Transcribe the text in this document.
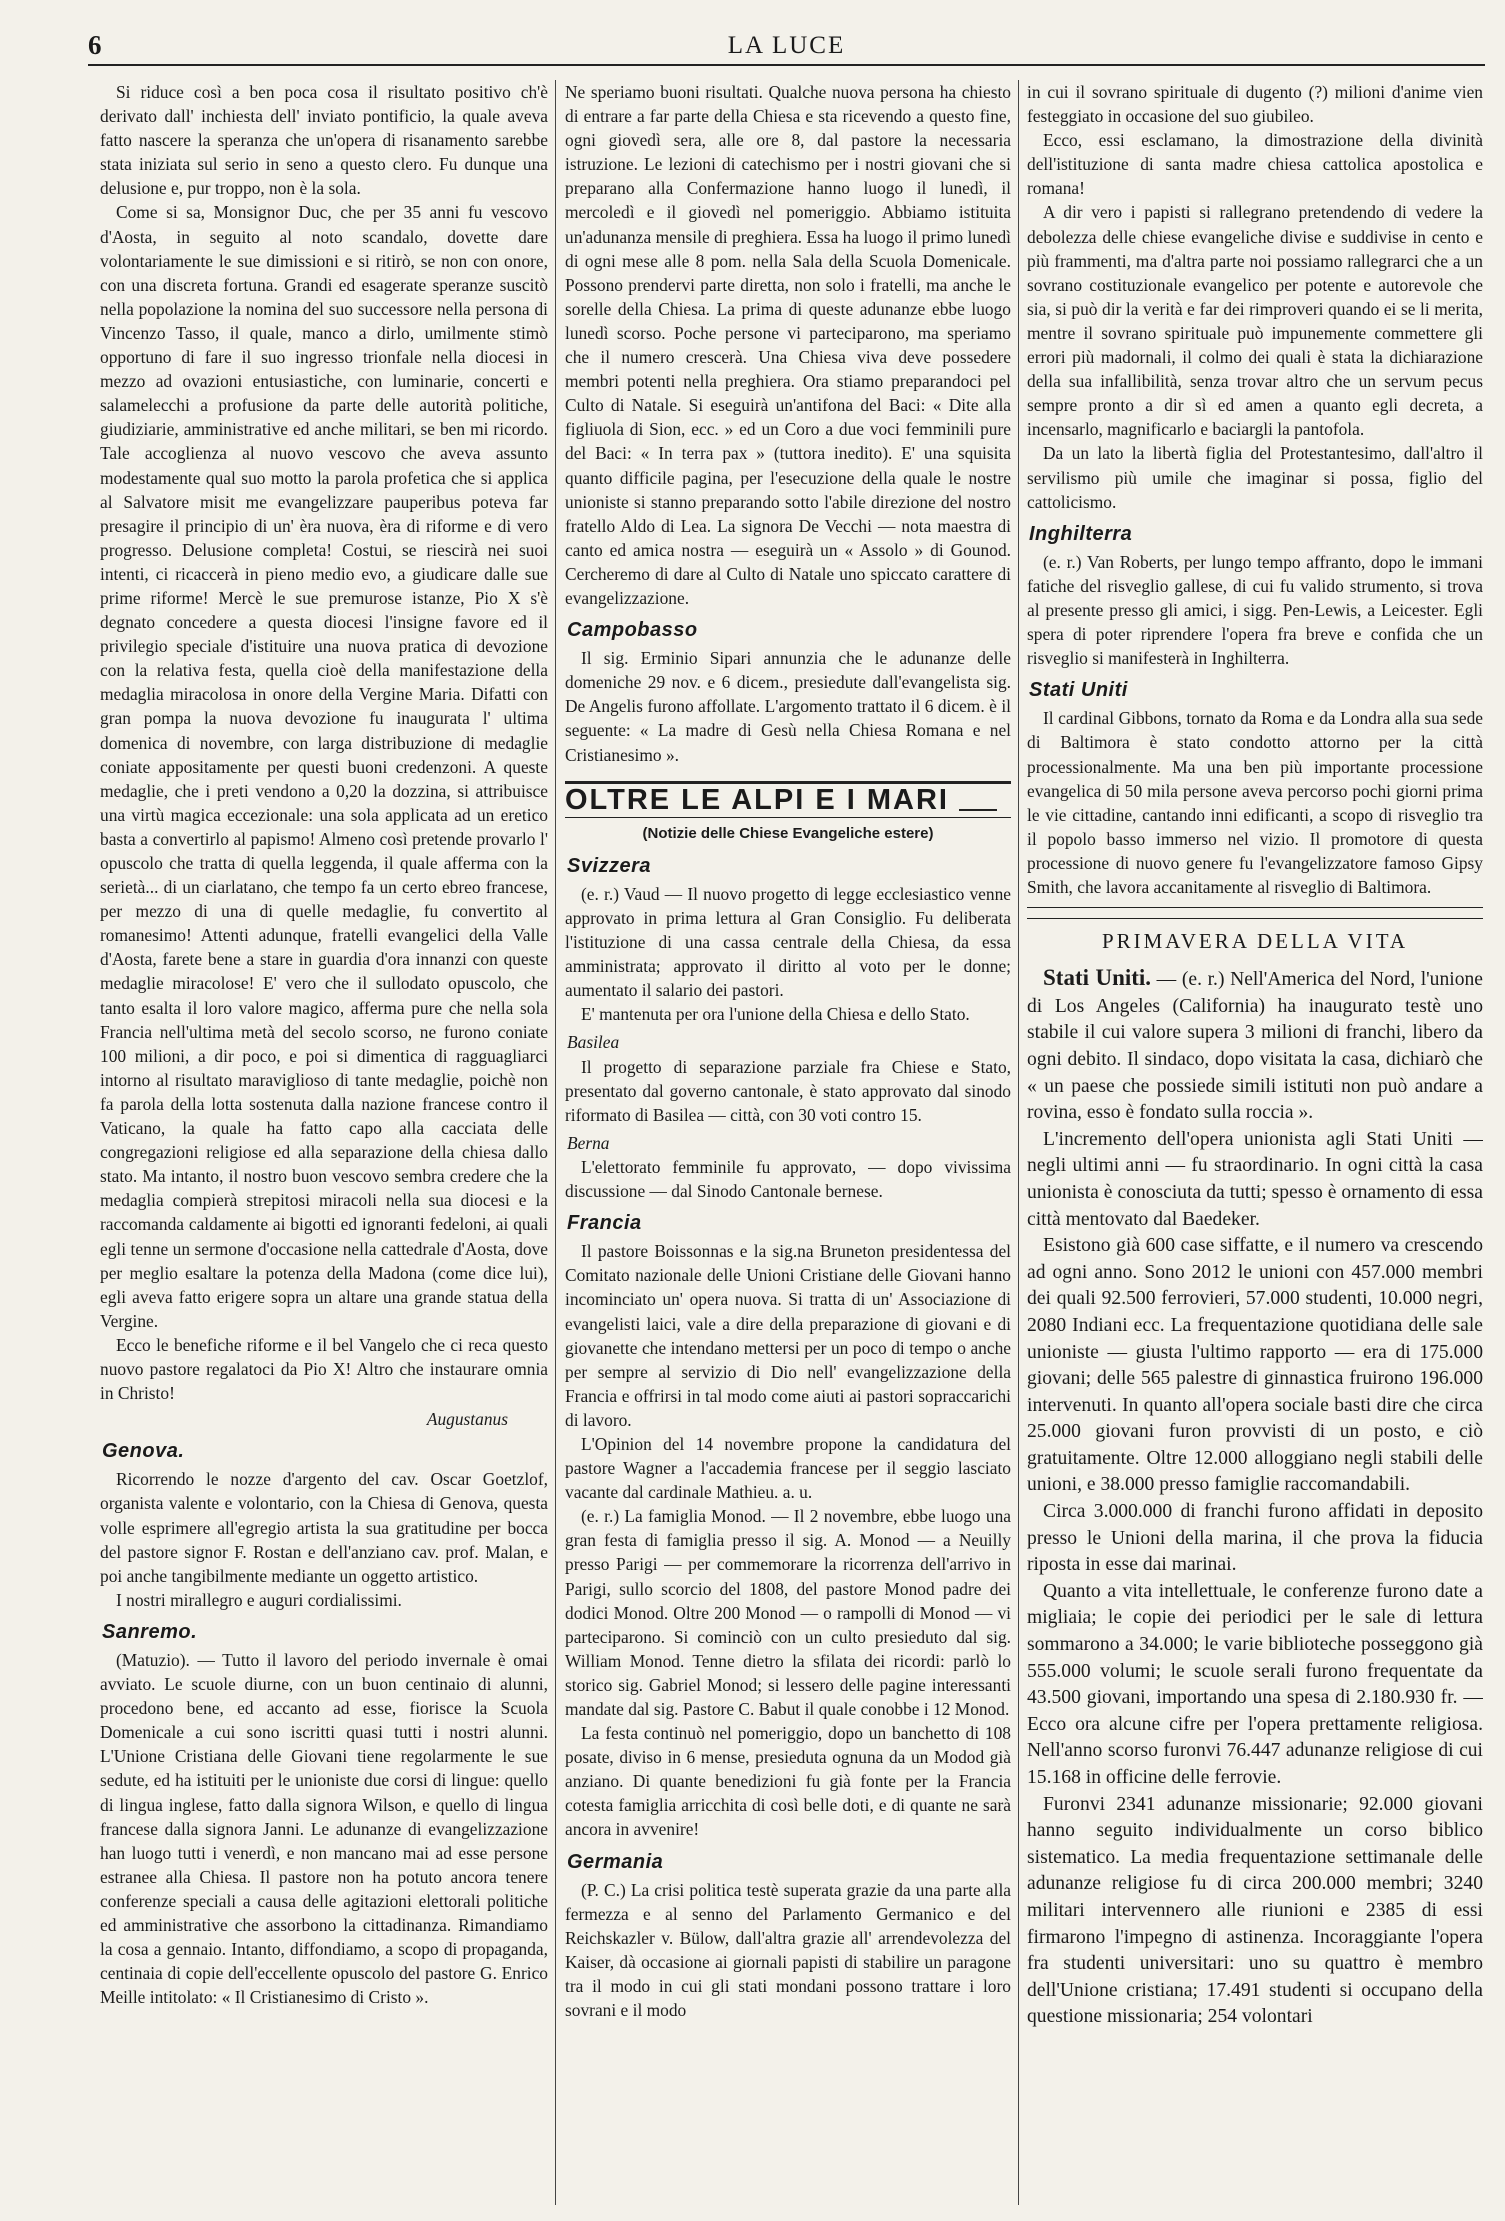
6	LA LUCE

Si riduce così a ben poca cosa il risultato positivo ch'è derivato dall' inchiesta dell' inviato pontificio, la quale aveva fatto nascere la speranza che un'opera di risanamento sarebbe stata iniziata sul serio in seno a questo clero. Fu dunque una delusione e, pur troppo, non è la sola.

Come si sa, Monsignor Duc, che per 35 anni fu vescovo d'Aosta, in seguito al noto scandalo, dovette dare volontariamente le sue dimissioni e si ritirò, se non con onore, con una discreta fortuna. Grandi ed esagerate speranze suscitò nella popolazione la nomina del suo successore nella persona di Vincenzo Tasso, il quale, manco a dirlo, umilmente stimò opportuno di fare il suo ingresso trionfale nella diocesi in mezzo ad ovazioni entusiastiche, con luminarie, concerti e salamelecchi a profusione da parte delle autorità politiche, giudiziarie, amministrative ed anche militari, se ben mi ricordo. Tale accoglienza al nuovo vescovo che aveva assunto modestamente qual suo motto la parola profetica che si applica al Salvatore misit me evangelizzare pauperibus poteva far presagire il principio di un' èra nuova, èra di riforme e di vero progresso. Delusione completa! Costui, se riescirà nei suoi intenti, ci ricaccerà in pieno medio evo, a giudicare dalle sue prime riforme! Mercè le sue premurose istanze, Pio X s'è degnato concedere a questa diocesi l'insigne favore ed il privilegio speciale d'istituire una nuova pratica di devozione con la relativa festa, quella cioè della manifestazione della medaglia miracolosa in onore della Vergine Maria. Difatti con gran pompa la nuova devozione fu inaugurata l' ultima domenica di novembre, con larga distribuzione di medaglie coniate appositamente per questi buoni credenzoni. A queste medaglie, che i preti vendono a 0,20 la dozzina, si attribuisce una virtù magica eccezionale: una sola applicata ad un eretico basta a convertirlo al papismo! Almeno così pretende provarlo l' opuscolo che tratta di quella leggenda, il quale afferma con la serietà... di un ciarlatano, che tempo fa un certo ebreo francese, per mezzo di una di quelle medaglie, fu convertito al romanesimo! Attenti adunque, fratelli evangelici della Valle d'Aosta, farete bene a stare in guardia d'ora innanzi con queste medaglie miracolose! E' vero che il sullodato opuscolo, che tanto esalta il loro valore magico, afferma pure che nella sola Francia nell'ultima metà del secolo scorso, ne furono coniate 100 milioni, a dir poco, e poi si dimentica di ragguagliarci intorno al risultato maraviglioso di tante medaglie, poichè non fa parola della lotta sostenuta dalla nazione francese contro il Vaticano, la quale ha fatto capo alla cacciata delle congregazioni religiose ed alla separazione della chiesa dallo stato. Ma intanto, il nostro buon vescovo sembra credere che la medaglia compierà strepitosi miracoli nella sua diocesi e la raccomanda caldamente ai bigotti ed ignoranti fedeloni, ai quali egli tenne un sermone d'occasione nella cattedrale d'Aosta, dove per meglio esaltare la potenza della Madona (come dice lui), egli aveva fatto erigere sopra un altare una grande statua della Vergine.

Ecco le benefiche riforme e il bel Vangelo che ci reca questo nuovo pastore regalatoci da Pio X! Altro che instaurare omnia in Christo!

Augustanus
Genova.

Ricorrendo le nozze d'argento del cav. Oscar Goetzlof, organista valente e volontario, con la Chiesa di Genova, questa volle esprimere all'egregio artista la sua gratitudine per bocca del pastore signor F. Rostan e dell'anziano cav. prof. Malan, e poi anche tangibilmente mediante un oggetto artistico.

I nostri mirallegro e auguri cordialissimi.

Sanremo.

(Matuzio). — Tutto il lavoro del periodo invernale è omai avviato. Le scuole diurne, con un buon centinaio di alunni, procedono bene, ed accanto ad esse, fiorisce la Scuola Domenicale a cui sono iscritti quasi tutti i nostri alunni. L'Unione Cristiana delle Giovani tiene regolarmente le sue sedute, ed ha istituiti per le unioniste due corsi di lingue: quello di lingua inglese, fatto dalla signora Wilson, e quello di lingua francese dalla signora Janni. Le adunanze di evangelizzazione han luogo tutti i venerdì, e non mancano mai ad esse persone estranee alla Chiesa. Il pastore non ha potuto ancora tenere conferenze speciali a causa delle agitazioni elettorali politiche ed amministrative che assorbono la cittadinanza. Rimandiamo la cosa a gennaio. Intanto, diffondiamo, a scopo di propaganda, centinaia di copie dell'eccellente opuscolo del pastore G. Enrico Meille intitolato: « Il Cristianesimo di Cristo ».

Ne speriamo buoni risultati. Qualche nuova persona ha chiesto di entrare a far parte della Chiesa e sta ricevendo a questo fine, ogni giovedì sera, alle ore 8, dal pastore la necessaria istruzione. Le lezioni di catechismo per i nostri giovani che si preparano alla Confermazione hanno luogo il lunedì, il mercoledì e il giovedì nel pomeriggio. Abbiamo istituita un'adunanza mensile di preghiera. Essa ha luogo il primo lunedì di ogni mese alle 8 pom. nella Sala della Scuola Domenicale. Possono prendervi parte diretta, non solo i fratelli, ma anche le sorelle della Chiesa. La prima di queste adunanze ebbe luogo lunedì scorso. Poche persone vi parteciparono, ma speriamo che il numero crescerà. Una Chiesa viva deve possedere membri potenti nella preghiera. Ora stiamo preparandoci pel Culto di Natale. Si eseguirà un'antifona del Baci: « Dite alla figliuola di Sion, ecc. » ed un Coro a due voci femminili pure del Baci: « In terra pax » (tuttora inedito). E' una squisita quanto difficile pagina, per l'esecuzione della quale le nostre unioniste si stanno preparando sotto l'abile direzione del nostro fratello Aldo di Lea. La signora De Vecchi — nota maestra di canto ed amica nostra — eseguirà un « Assolo » di Gounod. Cercheremo di dare al Culto di Natale uno spiccato carattere di evangelizzazione.

Campobasso

Il sig. Erminio Sipari annunzia che le adunanze delle domeniche 29 nov. e 6 dicem., presiedute dall'evangelista sig. De Angelis furono affollate. L'argomento trattato il 6 dicem. è il seguente: « La madre di Gesù nella Chiesa Romana e nel Cristianesimo ».

OLTRE LE ALPI E I MARI
(Notizie delle Chiese Evangeliche estere)
Svizzera

(e. r.) Vaud — Il nuovo progetto di legge ecclesiastico venne approvato in prima lettura al Gran Consiglio. Fu deliberata l'istituzione di una cassa centrale della Chiesa, da essa amministrata; approvato il diritto al voto per le donne; aumentato il salario dei pastori.

E' mantenuta per ora l'unione della Chiesa e dello Stato.

Basilea

Il progetto di separazione parziale fra Chiese e Stato, presentato dal governo cantonale, è stato approvato dal sinodo riformato di Basilea — città, con 30 voti contro 15.

Berna

L'elettorato femminile fu approvato, — dopo vivissima discussione — dal Sinodo Cantonale bernese.

Francia

Il pastore Boissonnas e la sig.na Bruneton presidentessa del Comitato nazionale delle Unioni Cristiane delle Giovani hanno incominciato un' opera nuova. Si tratta di un' Associazione di evangelisti laici, vale a dire della preparazione di giovani e di giovanette che intendano mettersi per un poco di tempo o anche per sempre al servizio di Dio nell' evangelizzazione della Francia e offrirsi in tal modo come aiuti ai pastori sopraccarichi di lavoro.

L'Opinion del 14 novembre propone la candidatura del pastore Wagner a l'accademia francese per il seggio lasciato vacante dal cardinale Mathieu. a. u.

(e. r.) La famiglia Monod. — Il 2 novembre, ebbe luogo una gran festa di famiglia presso il sig. A. Monod — a Neuilly presso Parigi — per commemorare la ricorrenza dell'arrivo in Parigi, sullo scorcio del 1808, del pastore Monod padre dei dodici Monod. Oltre 200 Monod — o rampolli di Monod — vi parteciparono. Si cominciò con un culto presieduto dal sig. William Monod. Tenne dietro la sfilata dei ricordi: parlò lo storico sig. Gabriel Monod; si lessero delle pagine interessanti mandate dal sig. Pastore C. Babut il quale conobbe i 12 Monod.

La festa continuò nel pomeriggio, dopo un banchetto di 108 posate, diviso in 6 mense, presieduta ognuna da un Modod già anziano. Di quante benedizioni fu già fonte per la Francia cotesta famiglia arricchita di così belle doti, e di quante ne sarà ancora in avvenire!

Germania

(P. C.) La crisi politica testè superata grazie da una parte alla fermezza e al senno del Parlamento Germanico e del Reichskazler v. Bülow, dall'altra grazie all' arrendevolezza del Kaiser, dà occasione ai giornali papisti di stabilire un paragone tra il modo in cui gli stati mondani possono trattare i loro sovrani e il modo

in cui il sovrano spirituale di dugento (?) milioni d'anime vien festeggiato in occasione del suo giubileo.

Ecco, essi esclamano, la dimostrazione della divinità dell'istituzione di santa madre chiesa cattolica apostolica e romana!

A dir vero i papisti si rallegrano pretendendo di vedere la debolezza delle chiese evangeliche divise e suddivise in cento e più frammenti, ma d'altra parte noi possiamo rallegrarci che a un sovrano costituzionale evangelico per potente e autorevole che sia, si può dir la verità e far dei rimproveri quando ei se li merita, mentre il sovrano spirituale può impunemente commettere gli errori più madornali, il colmo dei quali è stata la dichiarazione della sua infallibilità, senza trovar altro che un servum pecus sempre pronto a dir sì ed amen a quanto egli decreta, a incensarlo, magnificarlo e baciargli la pantofola.

Da un lato la libertà figlia del Protestantesimo, dall'altro il servilismo più umile che imaginar si possa, figlio del cattolicismo.

Inghilterra

(e. r.) Van Roberts, per lungo tempo affranto, dopo le immani fatiche del risveglio gallese, di cui fu valido strumento, si trova al presente presso gli amici, i sigg. Pen-Lewis, a Leicester. Egli spera di poter riprendere l'opera fra breve e confida che un risveglio si manifesterà in Inghilterra.

Stati Uniti

Il cardinal Gibbons, tornato da Roma e da Londra alla sua sede di Baltimora è stato condotto attorno per la città processionalmente. Ma una ben più importante processione evangelica di 50 mila persone aveva percorso pochi giorni prima le vie cittadine, cantando inni edificanti, a scopo di risveglio tra il popolo basso immerso nel vizio. Il promotore di questa processione di nuovo genere fu l'evangelizzatore famoso Gipsy Smith, che lavora accanitamente al risveglio di Baltimora.

PRIMAVERA DELLA VITA

Stati Uniti. — (e. r.) Nell'America del Nord, l'unione di Los Angeles (California) ha inaugurato testè uno stabile il cui valore supera 3 milioni di franchi, libero da ogni debito. Il sindaco, dopo visitata la casa, dichiarò che « un paese che possiede simili istituti non può andare a rovina, esso è fondato sulla roccia ».

L'incremento dell'opera unionista agli Stati Uniti — negli ultimi anni — fu straordinario. In ogni città la casa unionista è conosciuta da tutti; spesso è ornamento di essa città mentovato dal Baedeker.

Esistono già 600 case siffatte, e il numero va crescendo ad ogni anno. Sono 2012 le unioni con 457.000 membri dei quali 92.500 ferrovieri, 57.000 studenti, 10.000 negri, 2080 Indiani ecc. La frequentazione quotidiana delle sale unioniste — giusta l'ultimo rapporto — era di 175.000 giovani; delle 565 palestre di ginnastica fruirono 196.000 intervenuti. In quanto all'opera sociale basti dire che circa 25.000 giovani furon provvisti di un posto, e ciò gratuitamente. Oltre 12.000 alloggiano negli stabili delle unioni, e 38.000 presso famiglie raccomandabili.

Circa 3.000.000 di franchi furono affidati in deposito presso le Unioni della marina, il che prova la fiducia riposta in esse dai marinai.

Quanto a vita intellettuale, le conferenze furono date a migliaia; le copie dei periodici per le sale di lettura sommarono a 34.000; le varie biblioteche posseggono già 555.000 volumi; le scuole serali furono frequentate da 43.500 giovani, importando una spesa di 2.180.930 fr. — Ecco ora alcune cifre per l'opera prettamente religiosa. Nell'anno scorso furonvi 76.447 adunanze religiose di cui 15.168 in officine delle ferrovie.

Furonvi 2341 adunanze missionarie; 92.000 giovani hanno seguito individualmente un corso biblico sistematico. La media frequentazione settimanale delle adunanze religiose fu di circa 200.000 membri; 3240 militari intervennero alle riunioni e 2385 di essi firmarono l'impegno di astinenza. Incoraggiante l'opera fra studenti universitari: uno su quattro è membro dell'Unione cristiana; 17.491 studenti si occupano della questione missionaria; 254 volontari
